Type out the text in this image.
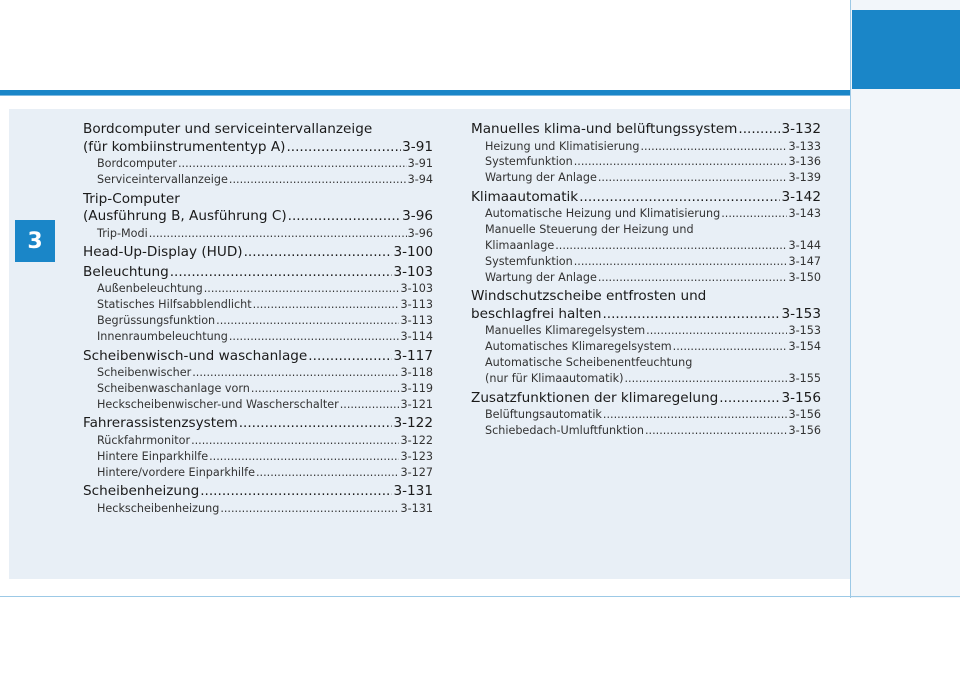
3
Bordcomputer und serviceintervallanzeige
(für kombiinstrumententyp A) .....	3-91
Bordcomputer .....	3-91
Serviceintervallanzeige .....	3-94
Trip-Computer
(Ausführung B, Ausführung C) .....	3-96
Trip-Modi .....	3-96
Head-Up-Display (HUD) .....	3-100
Beleuchtung .....	3-103
Außenbeleuchtung .....	3-103
Statisches Hilfsabblendlicht .....	3-113
Begrüssungsfunktion .....	3-113
Innenraumbeleuchtung .....	3-114
Scheibenwisch-und waschanlage .....	3-117
Scheibenwischer .....	3-118
Scheibenwaschanlage vorn .....	3-119
Heckscheibenwischer-und Wascherschalter .....	3-121
Fahrerassistenzsystem .....	3-122
Rückfahrmonitor .....	3-122
Hintere Einparkhilfe .....	3-123
Hintere/vordere Einparkhilfe .....	3-127
Scheibenheizung .....	3-131
Heckscheibenheizung .....	3-131
Manuelles klima-und belüftungssystem .....	3-132
Heizung und Klimatisierung .....	3-133
Systemfunktion .....	3-136
Wartung der Anlage .....	3-139
Klimaautomatik .....	3-142
Automatische Heizung und Klimatisierung .....	3-143
Manuelle Steuerung der Heizung und
Klimaanlage .....	3-144
Systemfunktion .....	3-147
Wartung der Anlage .....	3-150
Windschutzscheibe entfrosten und
beschlagfrei halten .....	3-153
Manuelles Klimaregelsystem .....	3-153
Automatisches Klimaregelsystem .....	3-154
Automatische Scheibenentfeuchtung
(nur für Klimaautomatik) .....	3-155
Zusatzfunktionen der klimaregelung .....	3-156
Belüftungsautomatik .....	3-156
Schiebedach-Umluftfunktion .....	3-156
